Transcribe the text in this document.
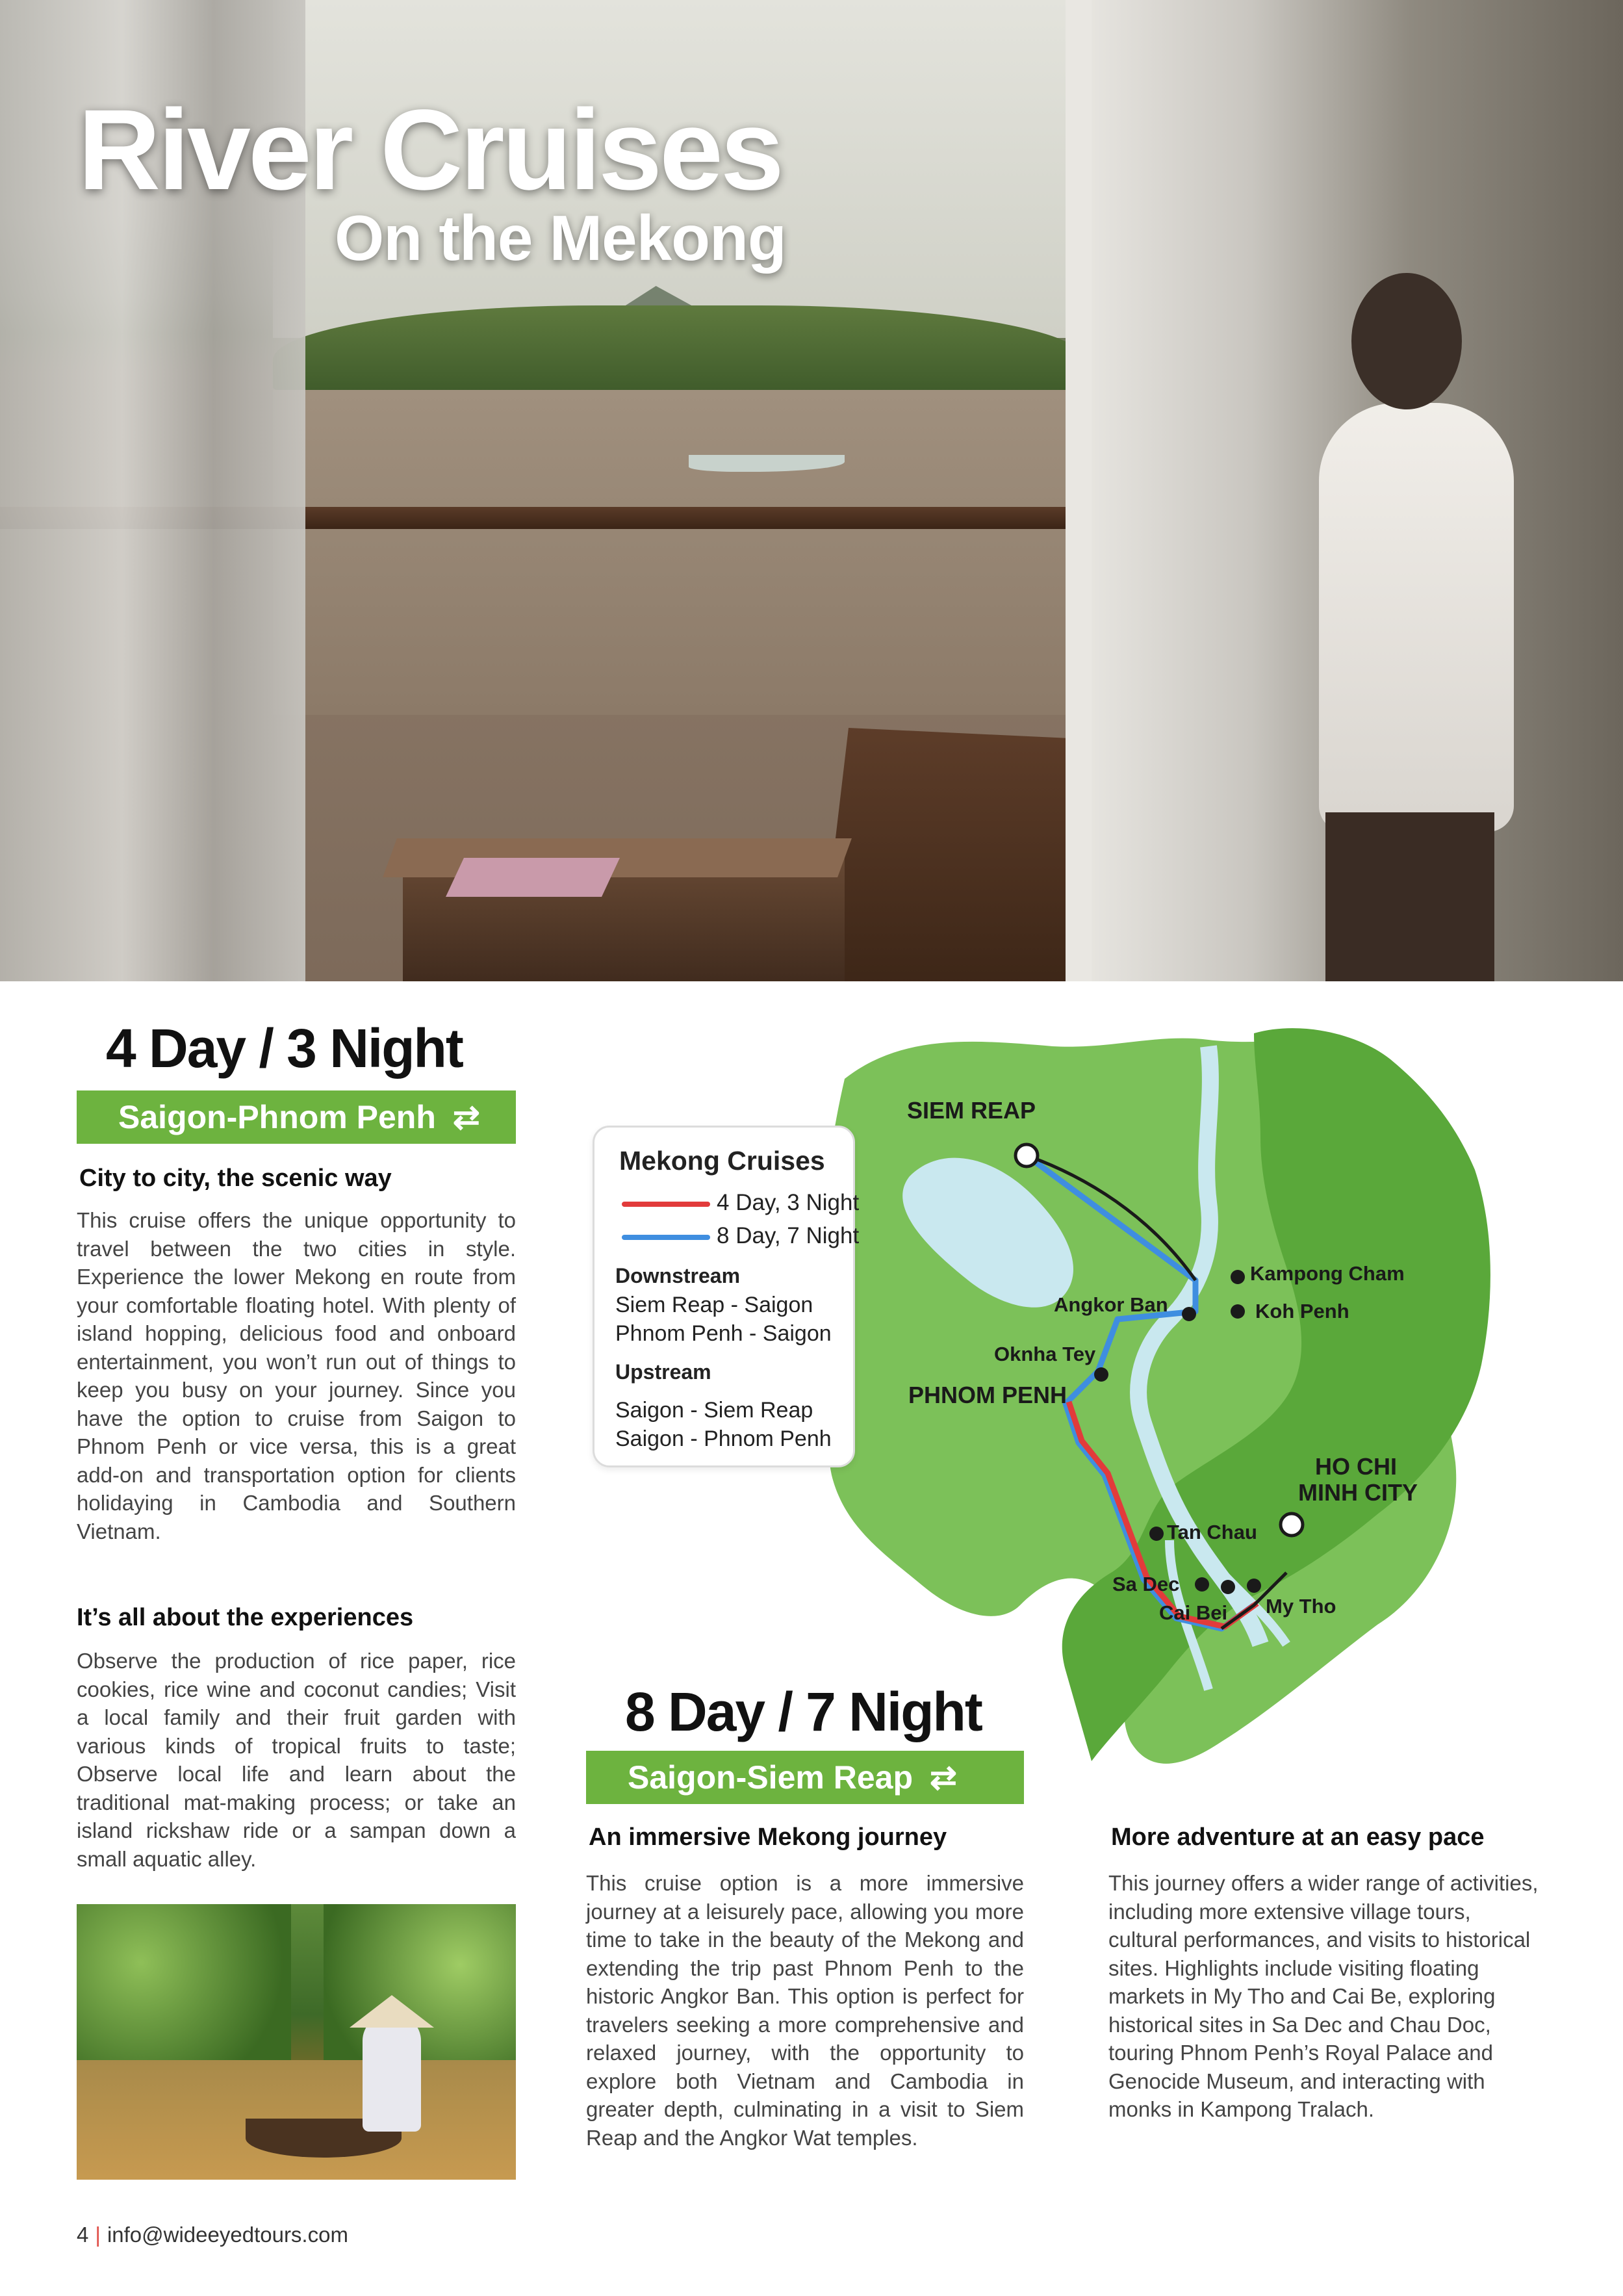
River Cruises
On the Mekong
4 Day / 3 Night
Saigon-Phnom Penh ⇄
City to city, the scenic way
This cruise offers the unique opportunity to travel between the two cities in style. Experience the lower Mekong en route from your comfortable floating hotel. With plenty of island hopping, delicious food and onboard entertainment, you won’t run out of things to keep you busy on your journey. Since you have the option to cruise from Saigon to Phnom Penh or vice versa, this is a great add-on and transportation option for clients holidaying in Cambodia and Southern Vietnam.
It’s all about the experiences
Observe the production of rice paper, rice cookies, rice wine and coconut candies; Visit a local family and their fruit garden with various kinds of tropical fruits to taste; Observe local life and learn about the traditional mat-making process; or take an island rickshaw ride or a sampan down a small aquatic alley.
SIEM REAP
Kampong Cham
Angkor Ban	Koh Penh
Oknha Tey
PHNOM PENH
HO CHI
MINH CITY
Tan Chau
Sa Dec
Cai Bei My Tho
Mekong Cruises
4 Day, 3 Night
8 Day, 7 Night
Downstream
Siem Reap - Saigon
Phnom Penh - Saigon
Upstream
Saigon - Siem Reap
Saigon - Phnom Penh
8 Day / 7 Night
Saigon-Siem Reap ⇄
An immersive Mekong journey
This cruise option is a more immersive journey at a leisurely pace, allowing you more time to take in the beauty of the Mekong and extending the trip past Phnom Penh to the historic Angkor Ban. This option is perfect for travelers seeking a more comprehensive and relaxed journey, with the opportunity to explore both Vietnam and Cambodia in greater depth, culminating in a visit to Siem Reap and the Angkor Wat temples.
More adventure at an easy pace
This journey offers a wider range of activities, including more extensive village tours, cultural performances, and visits to historical sites. Highlights include visiting floating markets in My Tho and Cai Be, exploring historical sites in Sa Dec and Chau Doc, touring Phnom Penh’s Royal Palace and Genocide Museum, and interacting with monks in Kampong Tralach.
4 | info@wideeyedtours.com
